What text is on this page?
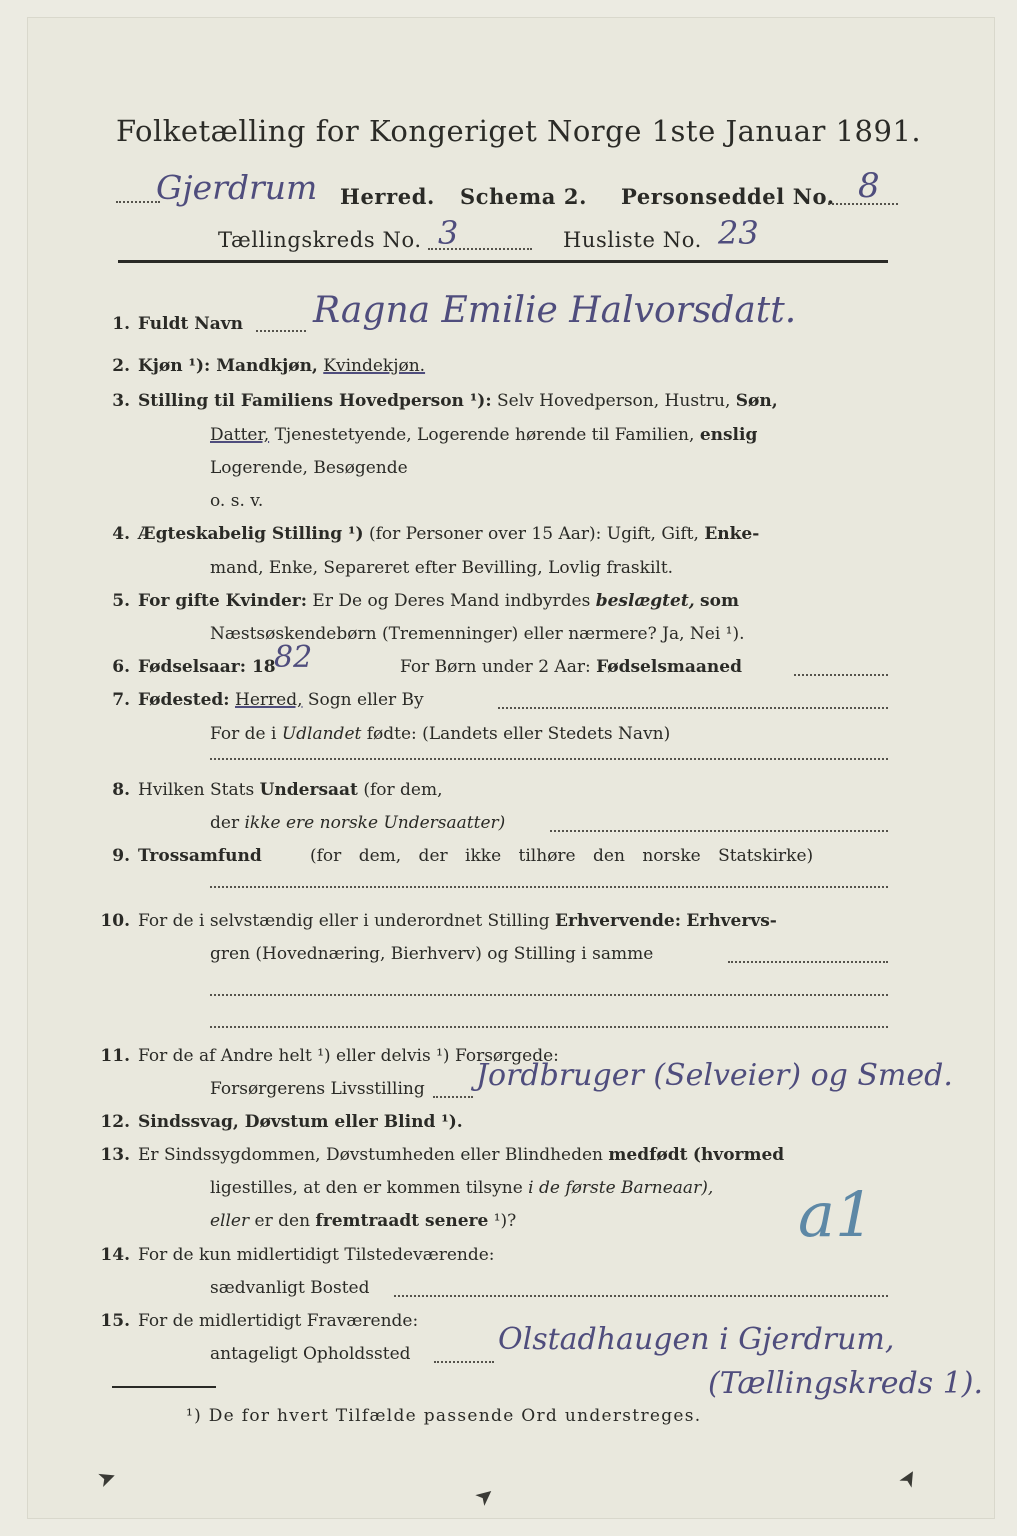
Folketælling for Kongeriget Norge 1ste Januar 1891.
Gjerdrum Herred. Schema 2. Personseddel No. 8
Tællingskreds No. 3	Husliste No. 23
1. Fuldt Navn Ragna Emilie Halvorsdatt.
2. Kjøn ¹): Mandkjøn, Kvindekjøn.
3. Stilling til Familiens Hovedperson ¹): Selv Hovedperson, Hustru, Søn,
Datter, Tjenestetyende, Logerende hørende til Familien, enslig
Logerende, Besøgende
o. s. v.
4. Ægteskabelig Stilling ¹) (for Personer over 15 Aar): Ugift, Gift, Enke-
mand, Enke, Separeret efter Bevilling, Lovlig fraskilt.
5. For gifte Kvinder: Er De og Deres Mand indbyrdes beslægtet, som
Næstsøskendebørn (Tremenninger) eller nærmere? Ja, Nei ¹).
6. Fødselsaar: 18
82	For Børn under 2 Aar: Fødselsmaaned
7. Fødested: Herred, Sogn eller By
For de i Udlandet fødte: (Landets eller Stedets Navn)
8. Hvilken Stats Undersaat (for dem,
der ikke ere norske Undersaatter)
9. Trossamfund	(for dem, der ikke tilhøre den norske Statskirke)
10. For de i selvstændig eller i underordnet Stilling Erhvervende: Erhvervs-
gren (Hovednæring, Bierhverv) og Stilling i samme
11. For de af Andre helt ¹) eller delvis ¹) Forsørgede:
Forsørgerens Livsstilling Jordbruger (Selveier) og Smed.
12. Sindssvag, Døvstum eller Blind ¹).
13. Er Sindssygdommen, Døvstumheden eller Blindheden medfødt (hvormed
ligestilles, at den er kommen tilsyne i de første Barneaar),
eller er den fremtraadt senere ¹)?	a1
14. For de kun midlertidigt Tilstedeværende:
sædvanligt Bosted
15. For de midlertidigt Fraværende:
antageligt Opholdssted	Olstadhaugen i Gjerdrum,
(Tællingskreds 1).
¹) De for hvert Tilfælde passende Ord understreges.
➤
➤
➤
